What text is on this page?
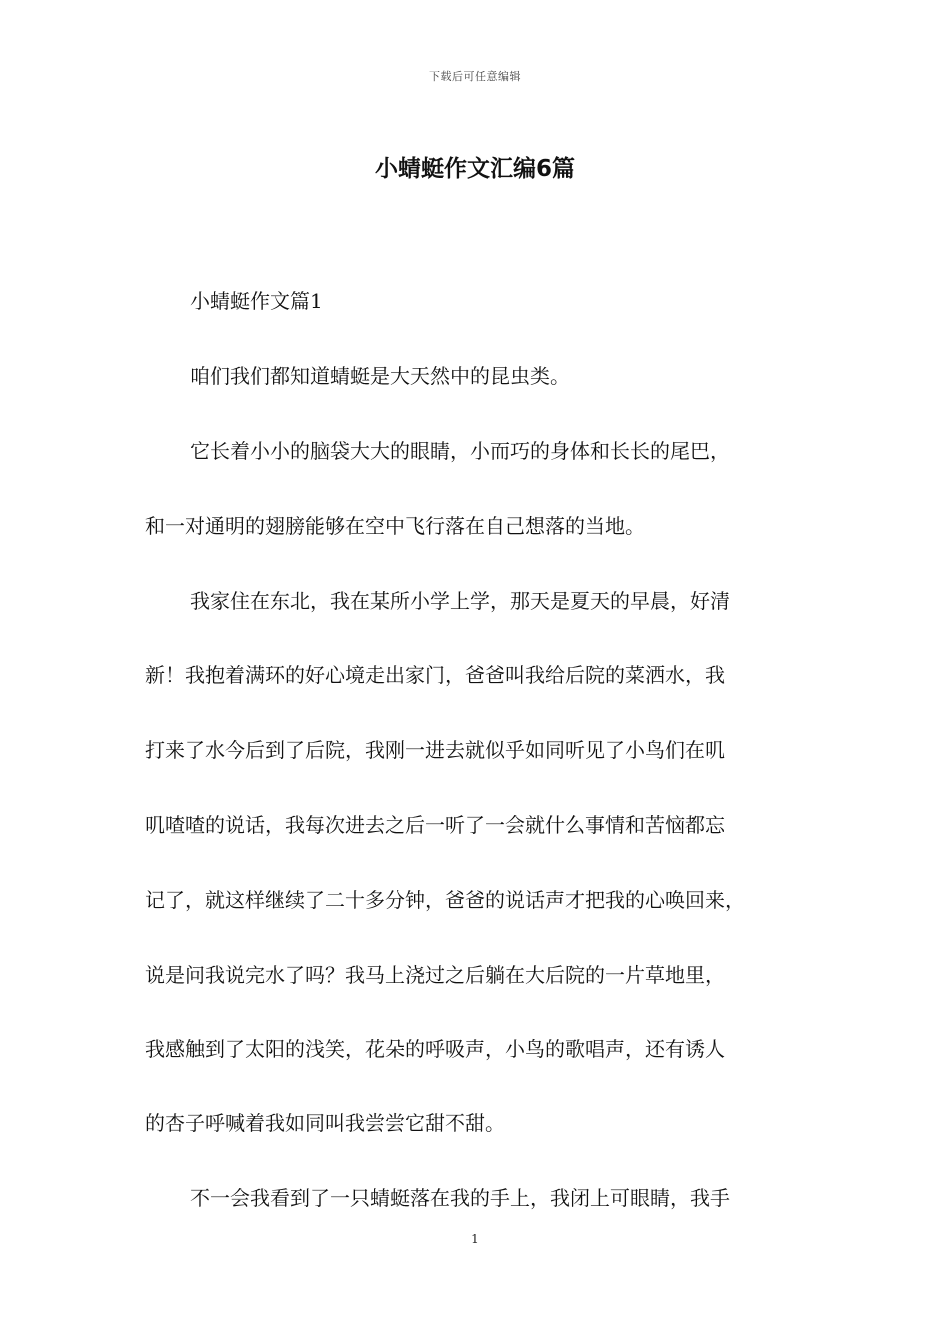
下载后可任意编辑
小蜻蜓作文汇编6篇
小蜻蜓作文篇1
咱们我们都知道蜻蜓是大天然中的昆虫类。
它长着小小的脑袋大大的眼睛，小而巧的身体和长长的尾巴，
和一对通明的翅膀能够在空中飞行落在自己想落的当地。
我家住在东北，我在某所小学上学，那天是夏天的早晨，好清
新！我抱着满环的好心境走出家门，爸爸叫我给后院的菜洒水，我
打来了水今后到了后院，我刚一进去就似乎如同听见了小鸟们在叽
叽喳喳的说话，我每次进去之后一听了一会就什么事情和苦恼都忘
记了，就这样继续了二十多分钟，爸爸的说话声才把我的心唤回来，
说是问我说完水了吗？我马上浇过之后躺在大后院的一片草地里，
我感触到了太阳的浅笑，花朵的呼吸声，小鸟的歌唱声，还有诱人
的杏子呼喊着我如同叫我尝尝它甜不甜。
不一会我看到了一只蜻蜓落在我的手上，我闭上可眼睛，我手
1
